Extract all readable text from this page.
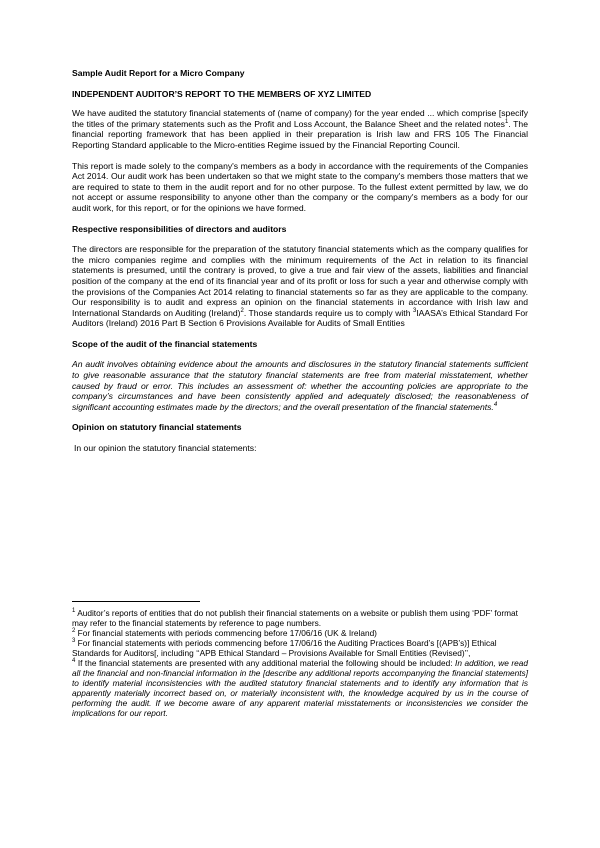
Sample Audit Report for a Micro Company

INDEPENDENT AUDITOR’S REPORT TO THE MEMBERS OF XYZ LIMITED

We have audited the statutory financial statements of (name of company) for the year ended ... which comprise [specify the titles of the primary statements such as the Profit and Loss Account, the Balance Sheet and the related notes$^1$. The financial reporting framework that has been applied in their preparation is Irish law and FRS 105 The Financial Reporting Standard applicable to the Micro-entities Regime issued by the Financial Reporting Council.

This report is made solely to the company's members as a body in accordance with the requirements of the Companies Act 2014. Our audit work has been undertaken so that we might state to the company's members those matters that we are required to state to them in the audit report and for no other purpose. To the fullest extent permitted by law, we do not accept or assume responsibility to anyone other than the company or the company's members as a body for our audit work, for this report, or for the opinions we have formed.

Respective responsibilities of directors and auditors

The directors are responsible for the preparation of the statutory financial statements which as the company qualifies for the micro companies regime and complies with the minimum requirements of the Act in relation to its financial statements is presumed, until the contrary is proved, to give a true and fair view of the assets, liabilities and financial position of the company at the end of its financial year and of its profit or loss for such a year and otherwise comply with the provisions of the Companies Act 2014 relating to financial statements so far as they are applicable to the company. Our responsibility is to audit and express an opinion on the financial statements in accordance with Irish law and International Standards on Auditing (Ireland)$^2$. Those standards require us to comply with $^3$IAASA’s Ethical Standard For Auditors (Ireland) 2016 Part B Section 6 Provisions Available for Audits of Small Entities

Scope of the audit of the financial statements

An audit involves obtaining evidence about the amounts and disclosures in the statutory financial statements sufficient to give reasonable assurance that the statutory financial statements are free from material misstatement, whether caused by fraud or error. This includes an assessment of: whether the accounting policies are appropriate to the company’s circumstances and have been consistently applied and adequately disclosed; the reasonableness of significant accounting estimates made by the directors; and the overall presentation of the financial statements.$^4$

Opinion on statutory financial statements

In our opinion the statutory financial statements:

$^1$ Auditor’s reports of entities that do not publish their financial statements on a website or publish them using ‘PDF’ format may refer to the financial statements by reference to page numbers.

$^2$ For financial statements with periods commencing before 17/06/16 (UK & Ireland)

$^3$ For financial statements with periods commencing before 17/06/16 the Auditing Practices Board’s [(APB’s)] Ethical Standards for Auditors[, including ‘‘APB Ethical Standard – Provisions Available for Small Entities (Revised)’’,

$^4$ If the financial statements are presented with any additional material the following should be included: In addition, we read all the financial and non-financial information in the [describe any additional reports accompanying the financial statements] to identify material inconsistencies with the audited statutory financial statements and to identify any information that is apparently materially incorrect based on, or materially inconsistent with, the knowledge acquired by us in the course of performing the audit. If we become aware of any apparent material misstatements or inconsistencies we consider the implications for our report.
